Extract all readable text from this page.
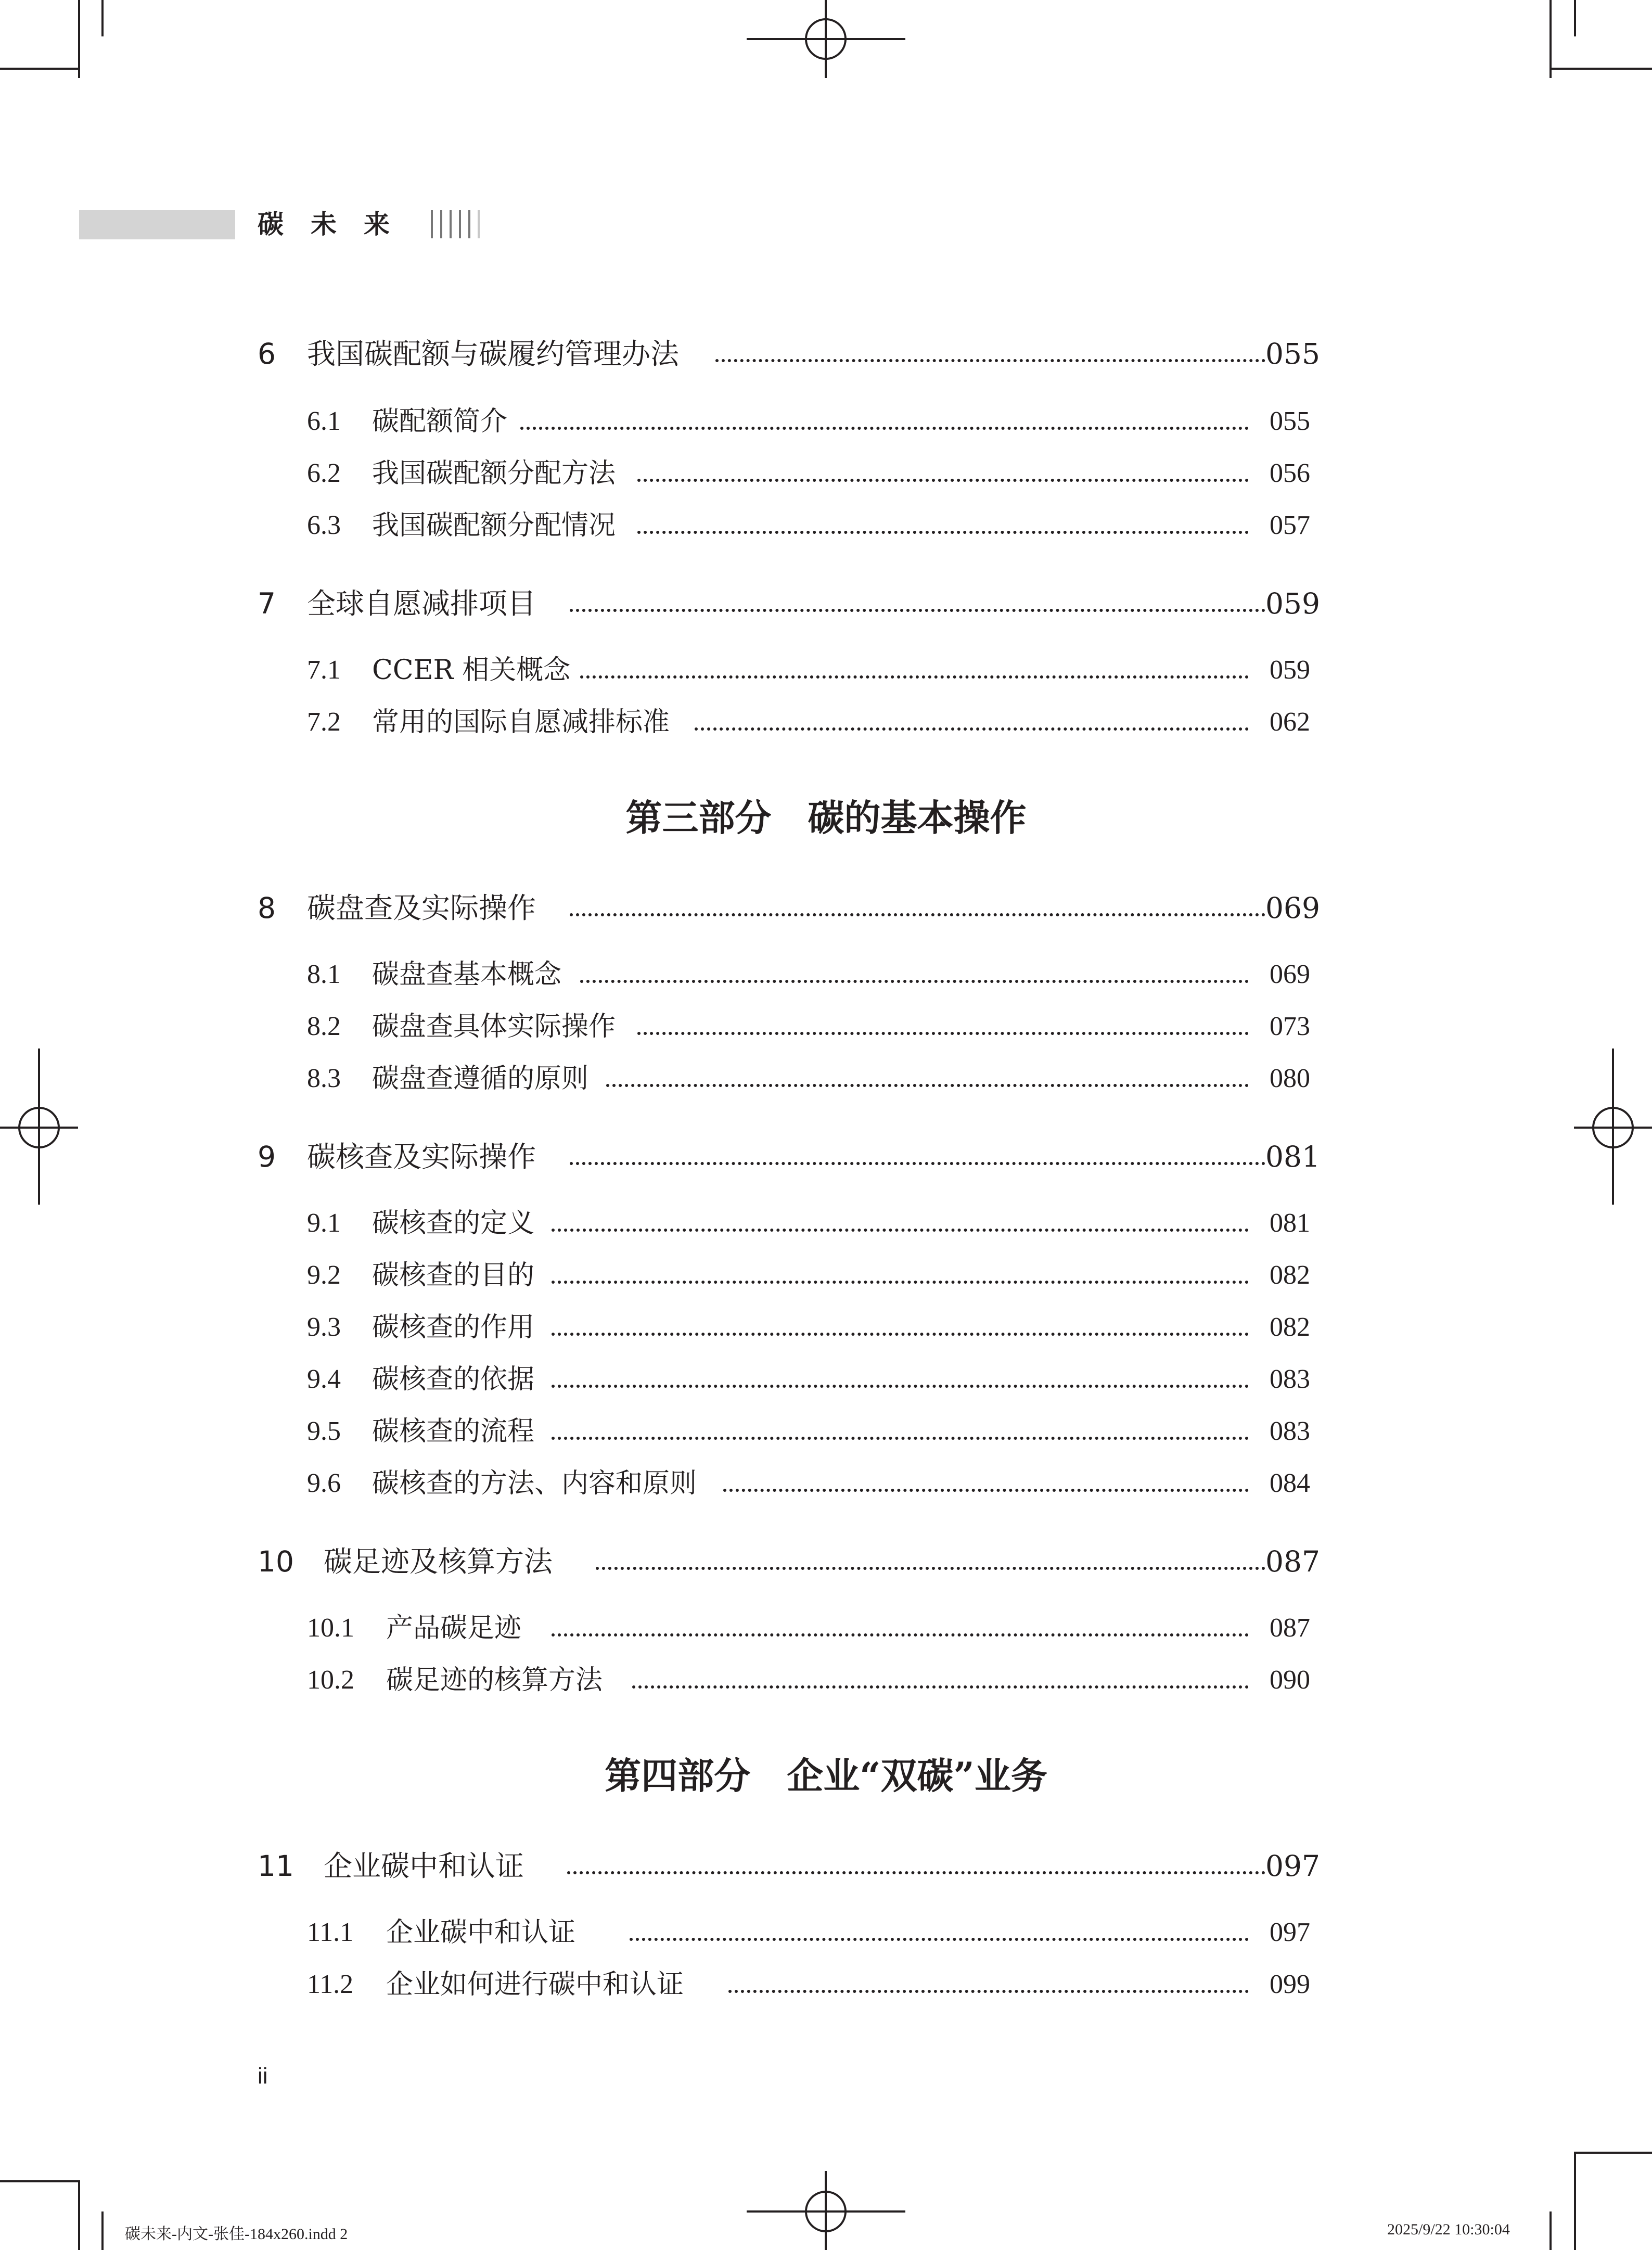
碳未来
6 我国碳配额与碳履约管理办法	055
6.1 碳配额简介	055
6.2 我国碳配额分配方法	056
6.3 我国碳配额分配情况	057
7 全球自愿减排项目	059
7.1 CCER 相关概念	059
7.2 常用的国际自愿减排标准	062
第三部分　碳的基本操作
8 碳盘查及实际操作	069
8.1 碳盘查基本概念	069
8.2 碳盘查具体实际操作	073
8.3 碳盘查遵循的原则	080
9 碳核查及实际操作	081
9.1 碳核查的定义	081
9.2 碳核查的目的	082
9.3 碳核查的作用	082
9.4 碳核查的依据	083
9.5 碳核查的流程	083
9.6 碳核查的方法、内容和原则	084
10 碳足迹及核算方法	087
10.1 产品碳足迹	087
10.2 碳足迹的核算方法	090
第四部分　企业“双碳”业务
11 企业碳中和认证	097
11.1 企业碳中和认证	097
11.2 企业如何进行碳中和认证	099
ii
碳未来-内文-张佳-184x260.indd 2	2025/9/22 10:30:04
